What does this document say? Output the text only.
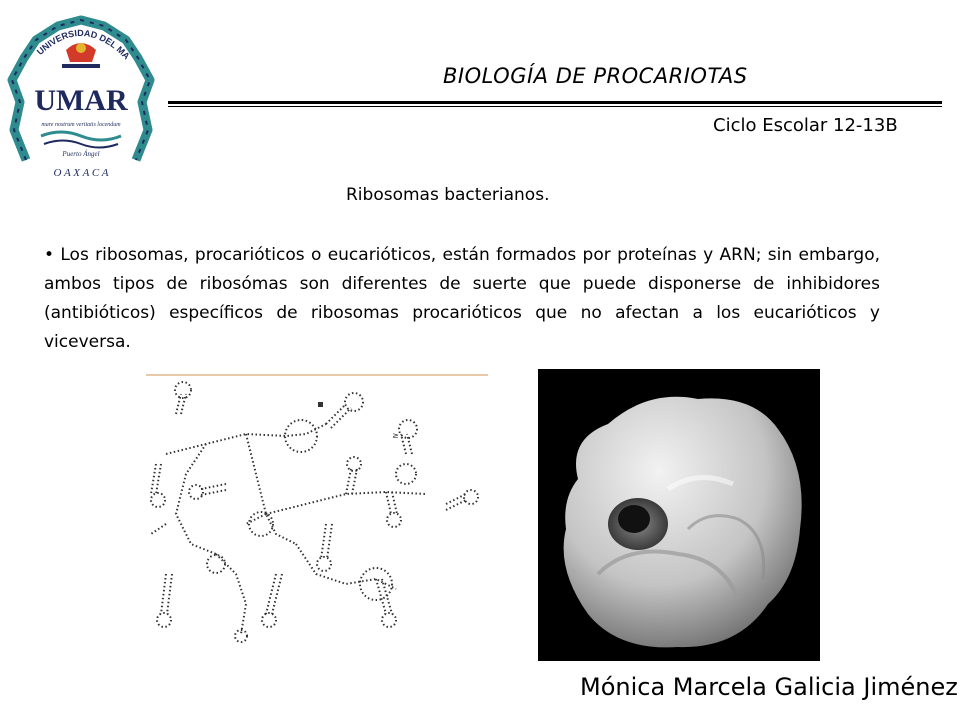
UNIVERSIDAD DEL MA
UMAR
mare nostrum veritatis locendum
Puerto Ángel
O A X A C A
BIOLOGÍA DE PROCARIOTAS
Ciclo Escolar 12-13B
Ribosomas bacterianos.
• Los ribosomas, procarióticos o eucarióticos, están formados por proteínas y ARN; sin embargo, ambos tipos de ribosómas son diferentes de suerte que puede disponerse de inhibidores (antibióticos) específicos de ribosomas procarióticos que no afectan a los eucarióticos y viceversa.
≥
Mónica Marcela Galicia Jiménez
